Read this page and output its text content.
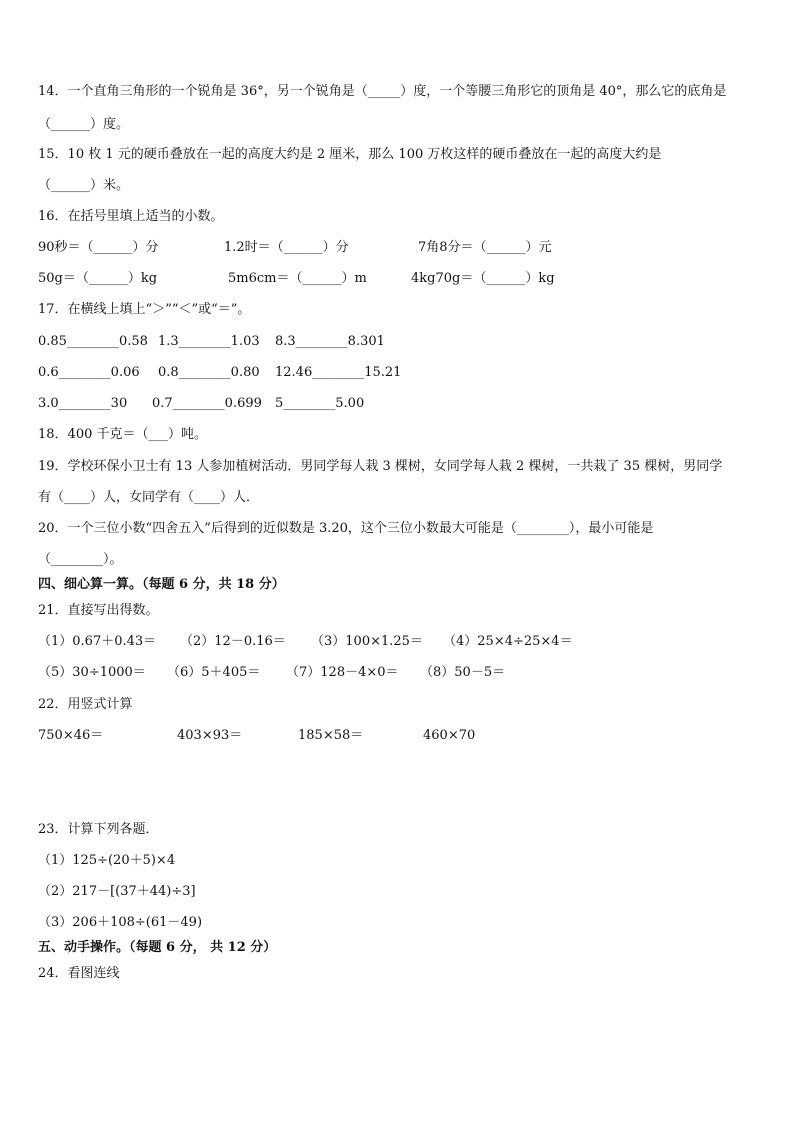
14．一个直角三角形的一个锐角是 36°，另一个锐角是（_____）度，一个等腰三角形它的顶角是 40°，那么它的底角是
（______）度。
15．10 枚 1 元的硬币叠放在一起的高度大约是 2 厘米，那么 100 万枚这样的硬币叠放在一起的高度大约是
（______）米。
16．在括号里填上适当的小数。
90秒＝（______）分	1.2时＝（______）分	7角8分＝（______）元
50g＝（______）kg	5m6cm＝（______）m	4kg70g＝（______）kg
17．在横线上填上“＞”“＜”或“＝”。
0.85________0.58 1.3________1.03 8.3________8.301
0.6________0.06 0.8________0.80 12.46________15.21
3.0________30 0.7________0.699 5________5.00
18．400 千克＝（___）吨。
19．学校环保小卫士有 13 人参加植树活动．男同学每人栽 3 棵树，女同学每人栽 2 棵树，一共栽了 35 棵树，男同学
有（____）人，女同学有（____）人．
20．一个三位小数“四舍五入”后得到的近似数是 3.20，这个三位小数最大可能是（________），最小可能是
（________）。
四、细心算一算。（每题 6 分，共 18 分）
21．直接写出得数。
（1）0.67＋0.43＝ （2）12－0.16＝ （3）100×1.25＝ （4）25×4÷25×4＝
（5）30÷1000＝ （6）5＋405＝ （7）128－4×0＝ （8）50－5＝
22．用竖式计算
750×46＝	403×93＝	185×58＝	460×70
23．计算下列各题．
（1）125÷(20＋5)×4
（2）217－[(37＋44)÷3]
（3）206＋108÷(61－49)
五、动手操作。（每题 6 分， 共 12 分）
24．看图连线
